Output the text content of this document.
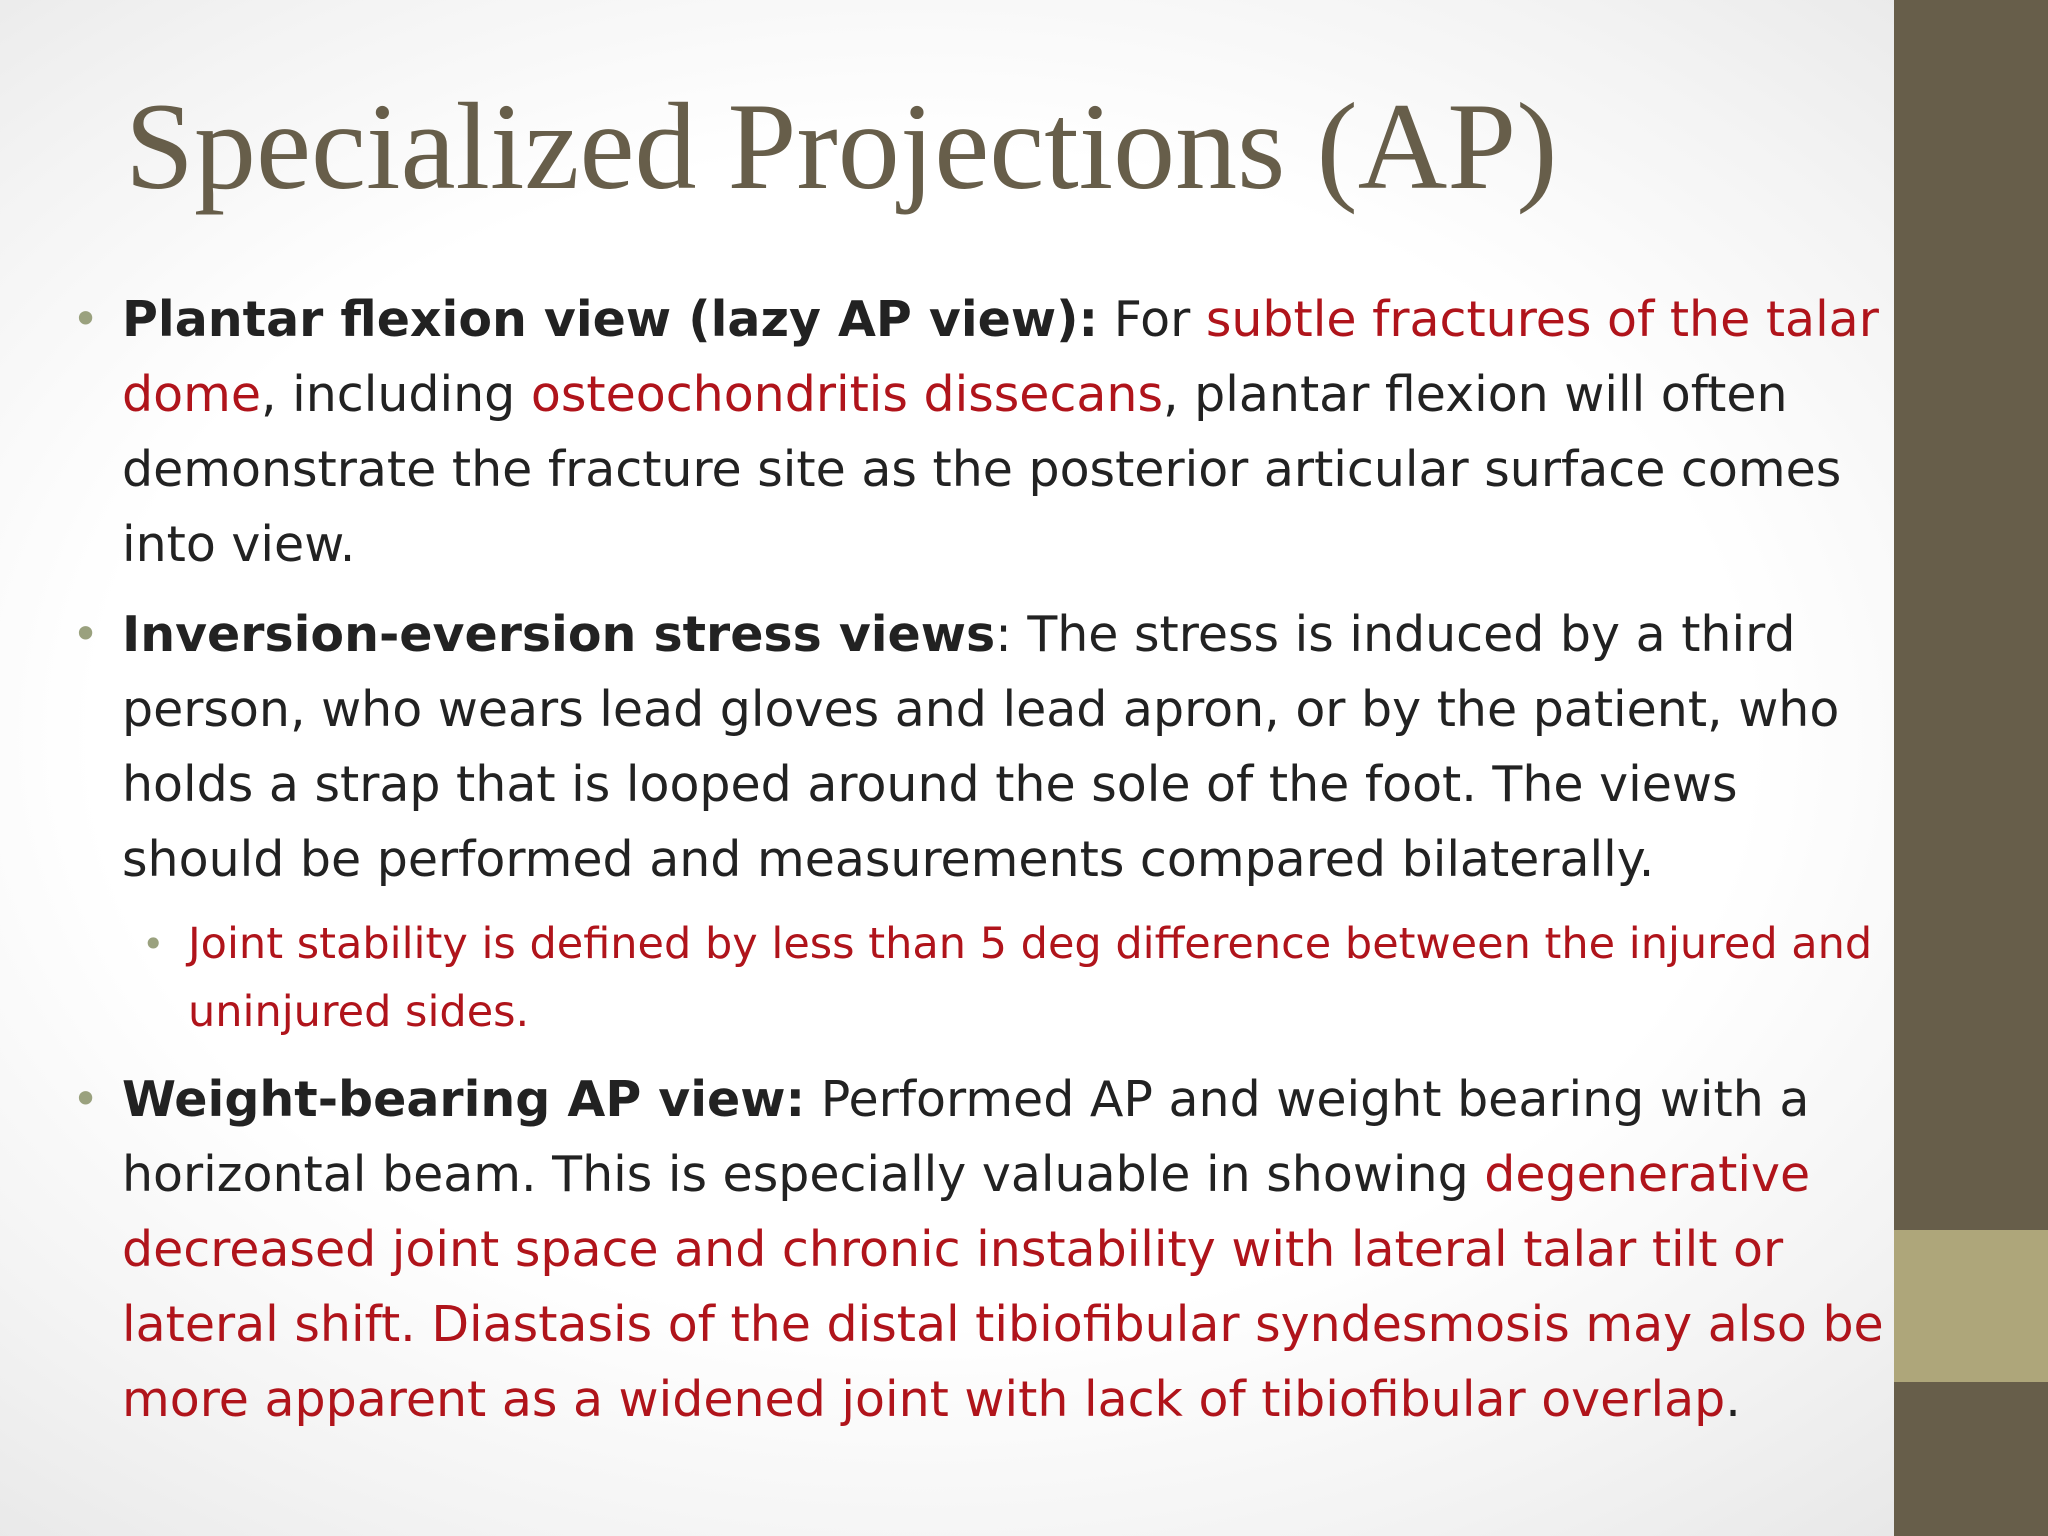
Specialized Projections (AP)

• Plantar flexion view (lazy AP view): For subtle fractures of the talar dome, including osteochondritis dissecans, plantar flexion will often demonstrate the fracture site as the posterior articular surface comes into view.

• Inversion-eversion stress views: The stress is induced by a third person, who wears lead gloves and lead apron, or by the patient, who holds a strap that is looped around the sole of the foot. The views should be performed and measurements compared bilaterally.

• Joint stability is defined by less than 5 deg difference between the injured and uninjured sides.

• Weight-bearing AP view: Performed AP and weight bearing with a horizontal beam. This is especially valuable in showing degenerative decreased joint space and chronic instability with lateral talar tilt or lateral shift. Diastasis of the distal tibiofibular syndesmosis may also be more apparent as a widened joint with lack of tibiofibular overlap.
